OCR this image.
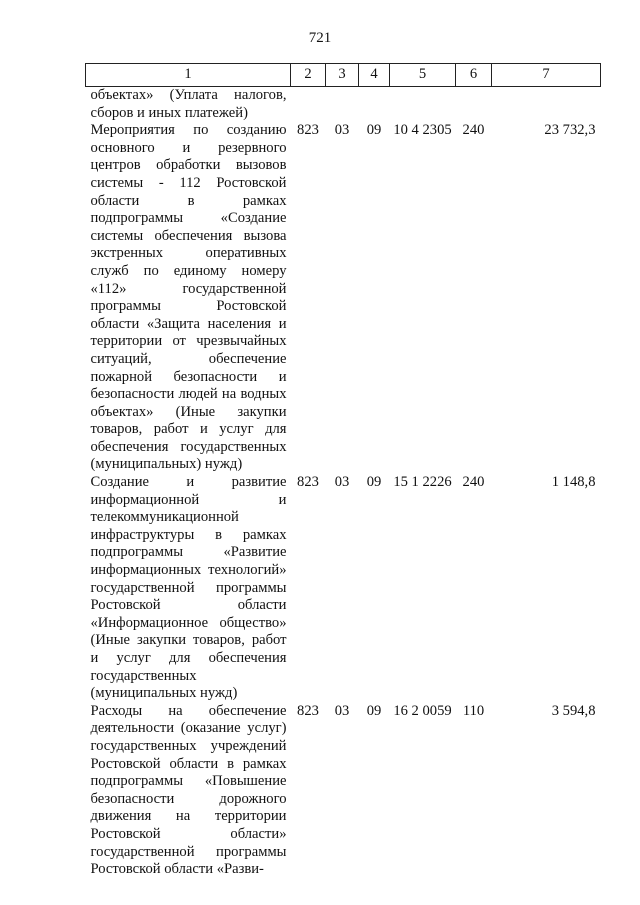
721
1	2	3	4	5	6	7
объектах» (Уплата налогов, сборов и иных платежей)						
Мероприятия по созданию основного и резервного центров обработки вызовов системы - 112 Ростовской области в рамках подпрограммы «Создание системы обеспечения вызова экстренных оперативных служб по единому номеру «112» государственной программы Ростовской области «Защита населения и территории от чрезвычайных ситуаций, обеспечение пожарной безопасности и безопасности людей на водных объектах» (Иные закупки товаров, работ и услуг для обеспечения государственных (муниципальных) нужд)	823	03	09	10 4 2305	240	23 732,3
Создание и развитие информационной и телекоммуникационной инфраструктуры в рамках подпрограммы «Развитие информационных технологий» государственной программы Ростовской области «Информационное общество» (Иные закупки товаров, работ и услуг для обеспечения государственных (муниципальных нужд)	823	03	09	15 1 2226	240	1 148,8
Расходы на обеспечение деятельности (оказание услуг) государственных учреждений Ростовской области в рамках подпрограммы «Повышение безопасности дорожного движения на территории Ростовской области» государственной программы Ростовской области «Разви-	823	03	09	16 2 0059	110	3 594,8
